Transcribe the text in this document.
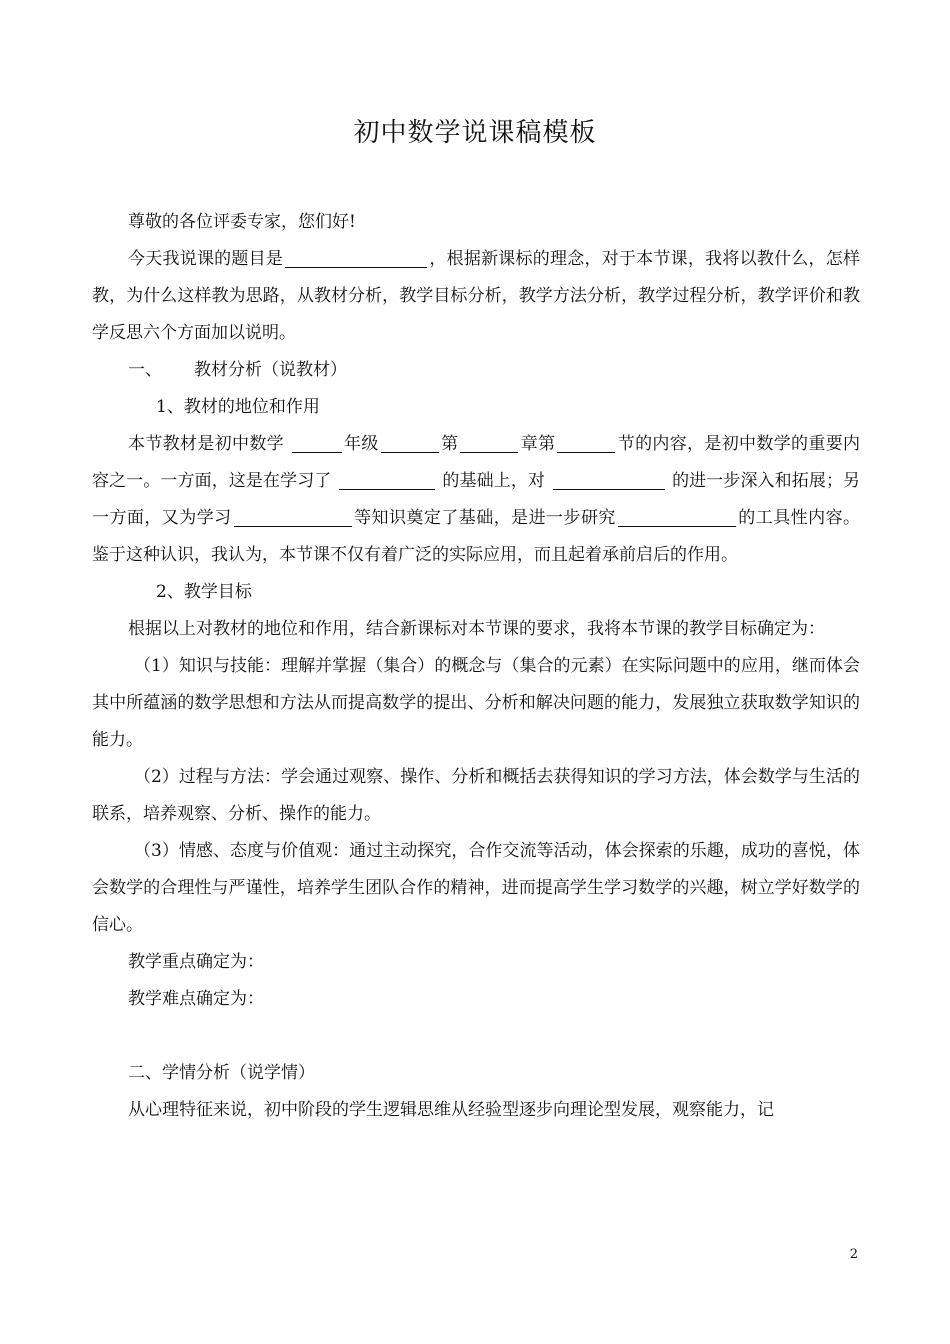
初中数学说课稿模板

尊敬的各位评委专家，您们好!

今天我说课的题目是	，根据新课标的理念，对于本节课，我将以教什么，怎样教，为什么这样教为思路，从教材分析，教学目标分析，教学方法分析，教学过程分析，教学评价和教学反思六个方面加以说明。

一、 教材分析（说教材）

1、教材的地位和作用

本节教材是初中数学	年级	第	章第	节的内容，是初中数学的重要内容之一。一方面，这是在学习了	的基础上，对	的进一步深入和拓展；另一方面，又为学习	等知识奠定了基础，是进一步研究	的工具性内容。鉴于这种认识，我认为，本节课不仅有着广泛的实际应用，而且起着承前启后的作用。

2、教学目标

根据以上对教材的地位和作用，结合新课标对本节课的要求，我将本节课的教学目标确定为：

（1）知识与技能：理解并掌握（集合）的概念与（集合的元素）在实际问题中的应用，继而体会其中所蕴涵的数学思想和方法从而提高数学的提出、分析和解决问题的能力，发展独立获取数学知识的能力。

（2）过程与方法：学会通过观察、操作、分析和概括去获得知识的学习方法，体会数学与生活的联系，培养观察、分析、操作的能力。

（3）情感、态度与价值观：通过主动探究，合作交流等活动，体会探索的乐趣，成功的喜悦，体会数学的合理性与严谨性，培养学生团队合作的精神，进而提高学生学习数学的兴趣，树立学好数学的信心。

教学重点确定为：

教学难点确定为：

二、学情分析（说学情）

从心理特征来说，初中阶段的学生逻辑思维从经验型逐步向理论型发展，观察能力，记

2
